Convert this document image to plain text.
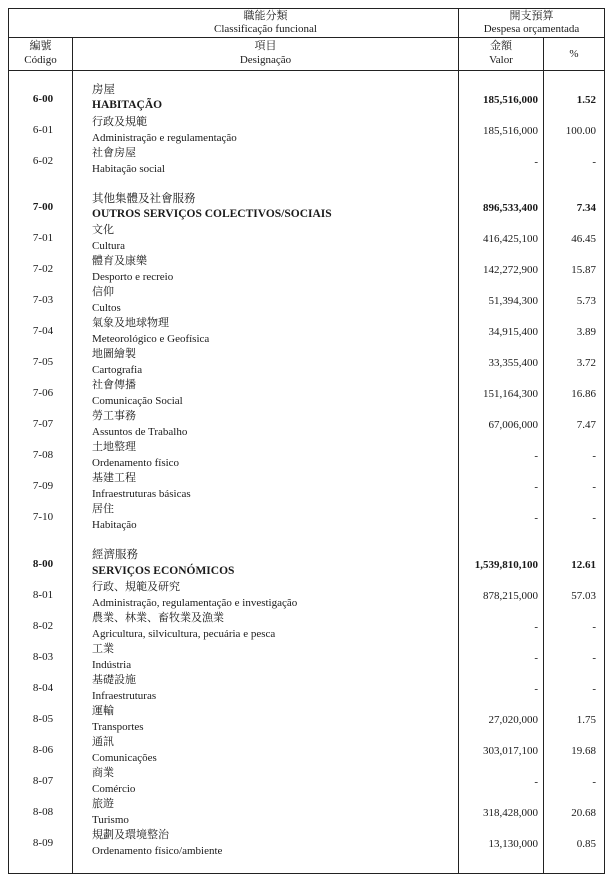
職能分類
Classificação funcional
開支預算
Despesa orçamentada
編號
Código
項目
Designação
金額
Valor	%
6-00
房屋
HABITAÇÃO	185,516,000	1.52
6-01
行政及規範
Administração e regulamentação
185,516,000	100.00
6-02
社會房屋
Habitação social
-	-
7-00
其他集體及社會服務
OUTROS SERVIÇOS COLECTIVOS/SOCIAIS	896,533,400	7.34
7-01
文化
Cultura
416,425,100	46.45
7-02
體育及康樂
Desporto e recreio
142,272,900	15.87
7-03
信仰
Cultos
51,394,300	5.73
7-04
氣象及地球物理
Meteorológico e Geofísica
34,915,400	3.89
7-05
地圖繪製
Cartografia
33,355,400	3.72
7-06
社會傳播
Comunicação Social
151,164,300	16.86
7-07
勞工事務
Assuntos de Trabalho
67,006,000	7.47
7-08
土地整理
Ordenamento físico
-	-
7-09
基建工程
Infraestruturas básicas
-	-
7-10
居住
Habitação
-	-
8-00
經濟服務
SERVIÇOS ECONÓMICOS	1,539,810,100	12.61
8-01
行政、規範及研究
Administração, regulamentação e investigação
878,215,000	57.03
8-02
農業、林業、畜牧業及漁業
Agricultura, silvicultura, pecuária e pesca
-	-
8-03
工業
Indústria
-	-
8-04
基礎設施
Infraestruturas
-	-
8-05
運輸
Transportes
27,020,000	1.75
8-06
通訊
Comunicações
303,017,100	19.68
8-07
商業
Comércio
-	-
8-08
旅遊
Turismo
318,428,000	20.68
8-09
規劃及環境整治
Ordenamento físico/ambiente
13,130,000	0.85
